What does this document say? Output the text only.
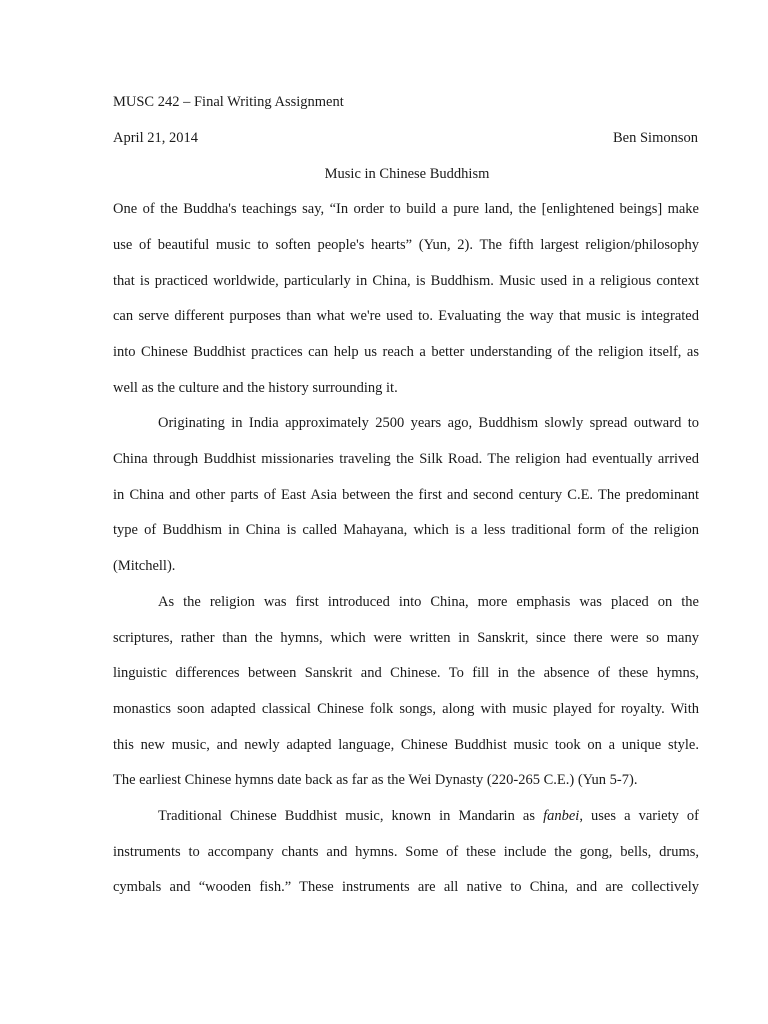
MUSC 242 – Final Writing Assignment
April 21, 2014	Ben Simonson
Music in Chinese Buddhism
One of the Buddha's teachings say, “In order to build a pure land, the [enlightened beings] make
use of beautiful music to soften people's hearts” (Yun, 2). The fifth largest religion/philosophy
that is practiced worldwide, particularly in China, is Buddhism. Music used in a religious context
can serve different purposes than what we're used to. Evaluating the way that music is integrated
into Chinese Buddhist practices can help us reach a better understanding of the religion itself, as
well as the culture and the history surrounding it.
Originating in India approximately 2500 years ago, Buddhism slowly spread outward to
China through Buddhist missionaries traveling the Silk Road. The religion had eventually arrived
in China and other parts of East Asia between the first and second century C.E. The predominant
type of Buddhism in China is called Mahayana, which is a less traditional form of the religion
(Mitchell).
As the religion was first introduced into China, more emphasis was placed on the
scriptures, rather than the hymns, which were written in Sanskrit, since there were so many
linguistic differences between Sanskrit and Chinese. To fill in the absence of these hymns,
monastics soon adapted classical Chinese folk songs, along with music played for royalty. With
this new music, and newly adapted language, Chinese Buddhist music took on a unique style.
The earliest Chinese hymns date back as far as the Wei Dynasty (220-265 C.E.) (Yun 5-7).
Traditional Chinese Buddhist music, known in Mandarin as fanbei, uses a variety of
instruments to accompany chants and hymns. Some of these include the gong, bells, drums,
cymbals and “wooden fish.” These instruments are all native to China, and are collectively
